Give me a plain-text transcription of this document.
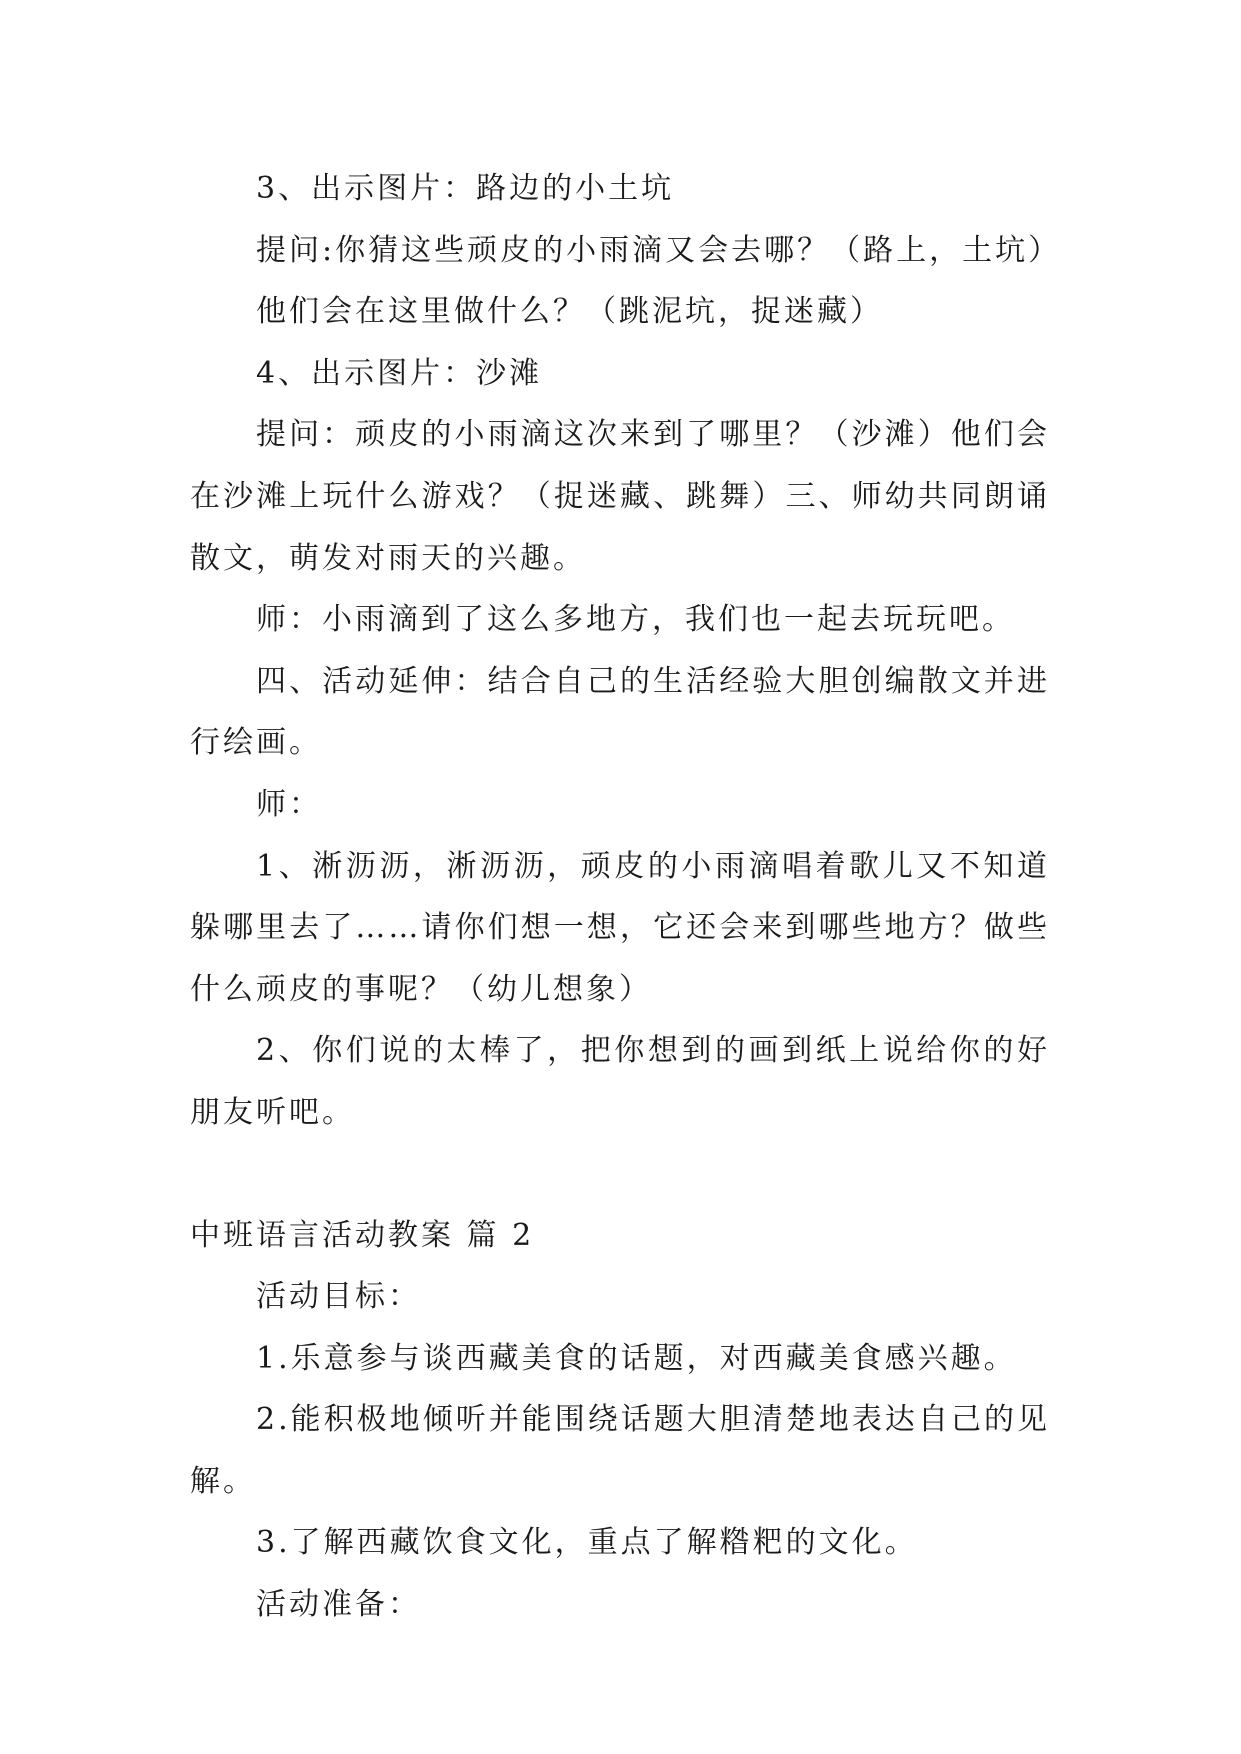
3、出示图片：路边的小土坑

提问:你猜这些顽皮的小雨滴又会去哪？（路上，土坑）

他们会在这里做什么？（跳泥坑，捉迷藏）

4、出示图片：沙滩

提问：顽皮的小雨滴这次来到了哪里？（沙滩）他们会在沙滩上玩什么游戏？（捉迷藏、跳舞）三、师幼共同朗诵散文，萌发对雨天的兴趣。

师：小雨滴到了这么多地方，我们也一起去玩玩吧。

四、活动延伸：结合自己的生活经验大胆创编散文并进行绘画。

师：

1、淅沥沥，淅沥沥，顽皮的小雨滴唱着歌儿又不知道躲哪里去了……请你们想一想，它还会来到哪些地方？做些什么顽皮的事呢？（幼儿想象）

2、你们说的太棒了，把你想到的画到纸上说给你的好朋友听吧。

中班语言活动教案 篇 2

活动目标：

1.乐意参与谈西藏美食的话题，对西藏美食感兴趣。

2.能积极地倾听并能围绕话题大胆清楚地表达自己的见解。

3.了解西藏饮食文化，重点了解糌粑的文化。

活动准备：
